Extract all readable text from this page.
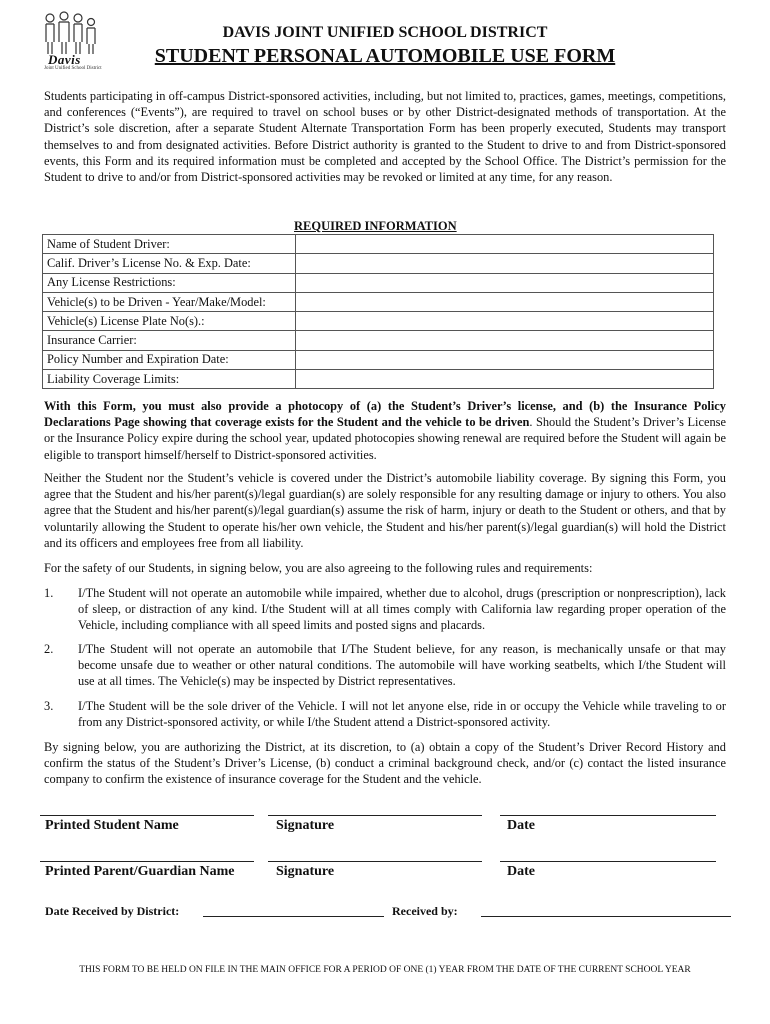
Davis
Joint Unified School District
DAVIS JOINT UNIFIED SCHOOL DISTRICT
STUDENT PERSONAL AUTOMOBILE USE FORM

Students participating in off-campus District-sponsored activities, including, but not limited to, practices, games, meetings, competitions, and conferences (“Events”), are required to travel on school buses or by other District-designated methods of transportation. At the District’s sole discretion, after a separate Student Alternate Transportation Form has been properly executed, Students may transport themselves to and from designated activities. Before District authority is granted to the Student to drive to and from District-sponsored events, this Form and its required information must be completed and accepted by the School Office. The District’s permission for the Student to drive to and/or from District-sponsored activities may be revoked or limited at any time, for any reason.

REQUIRED INFORMATION
Name of Student Driver:	
Calif. Driver’s License No. & Exp. Date:	
Any License Restrictions:	
Vehicle(s) to be Driven - Year/Make/Model:	
Vehicle(s) License Plate No(s).:	
Insurance Carrier:	
Policy Number and Expiration Date:	
Liability Coverage Limits:	

With this Form, you must also provide a photocopy of (a) the Student’s Driver’s license, and (b) the Insurance Policy Declarations Page showing that coverage exists for the Student and the vehicle to be driven. Should the Student’s Driver’s License or the Insurance Policy expire during the school year, updated photocopies showing renewal are required before the Student will again be eligible to transport himself/herself to District-sponsored activities.

Neither the Student nor the Student’s vehicle is covered under the District’s automobile liability coverage. By signing this Form, you agree that the Student and his/her parent(s)/legal guardian(s) are solely responsible for any resulting damage or injury to others. You also agree that the Student and his/her parent(s)/legal guardian(s) assume the risk of harm, injury or death to the Student or others, and that by voluntarily allowing the Student to operate his/her own vehicle, the Student and his/her parent(s)/legal guardian(s) will hold the District and its officers and employees free from all liability.

For the safety of our Students, in signing below, you are also agreeing to the following rules and requirements:

1. I/The Student will not operate an automobile while impaired, whether due to alcohol, drugs (prescription or nonprescription), lack of sleep, or distraction of any kind. I/the Student will at all times comply with California law regarding proper operation of the Vehicle, including compliance with all speed limits and posted signs and placards.
2. I/The Student will not operate an automobile that I/The Student believe, for any reason, is mechanically unsafe or that may become unsafe due to weather or other natural conditions. The automobile will have working seatbelts, which I/the Student will use at all times. The Vehicle(s) may be inspected by District representatives.
3. I/The Student will be the sole driver of the Vehicle. I will not let anyone else, ride in or occupy the Vehicle while traveling to or from any District-sponsored activity, or while I/the Student attend a District-sponsored activity.

By signing below, you are authorizing the District, at its discretion, to (a) obtain a copy of the Student’s Driver Record History and confirm the status of the Student’s Driver’s License, (b) conduct a criminal background check, and/or (c) contact the listed insurance company to confirm the existence of insurance coverage for the Student and the vehicle.

Printed Student Name	Signature	Date
Printed Parent/Guardian Name	Signature	Date
Date Received by District:	Received by:
THIS FORM TO BE HELD ON FILE IN THE MAIN OFFICE FOR A PERIOD OF ONE (1) YEAR FROM THE DATE OF THE CURRENT SCHOOL YEAR
